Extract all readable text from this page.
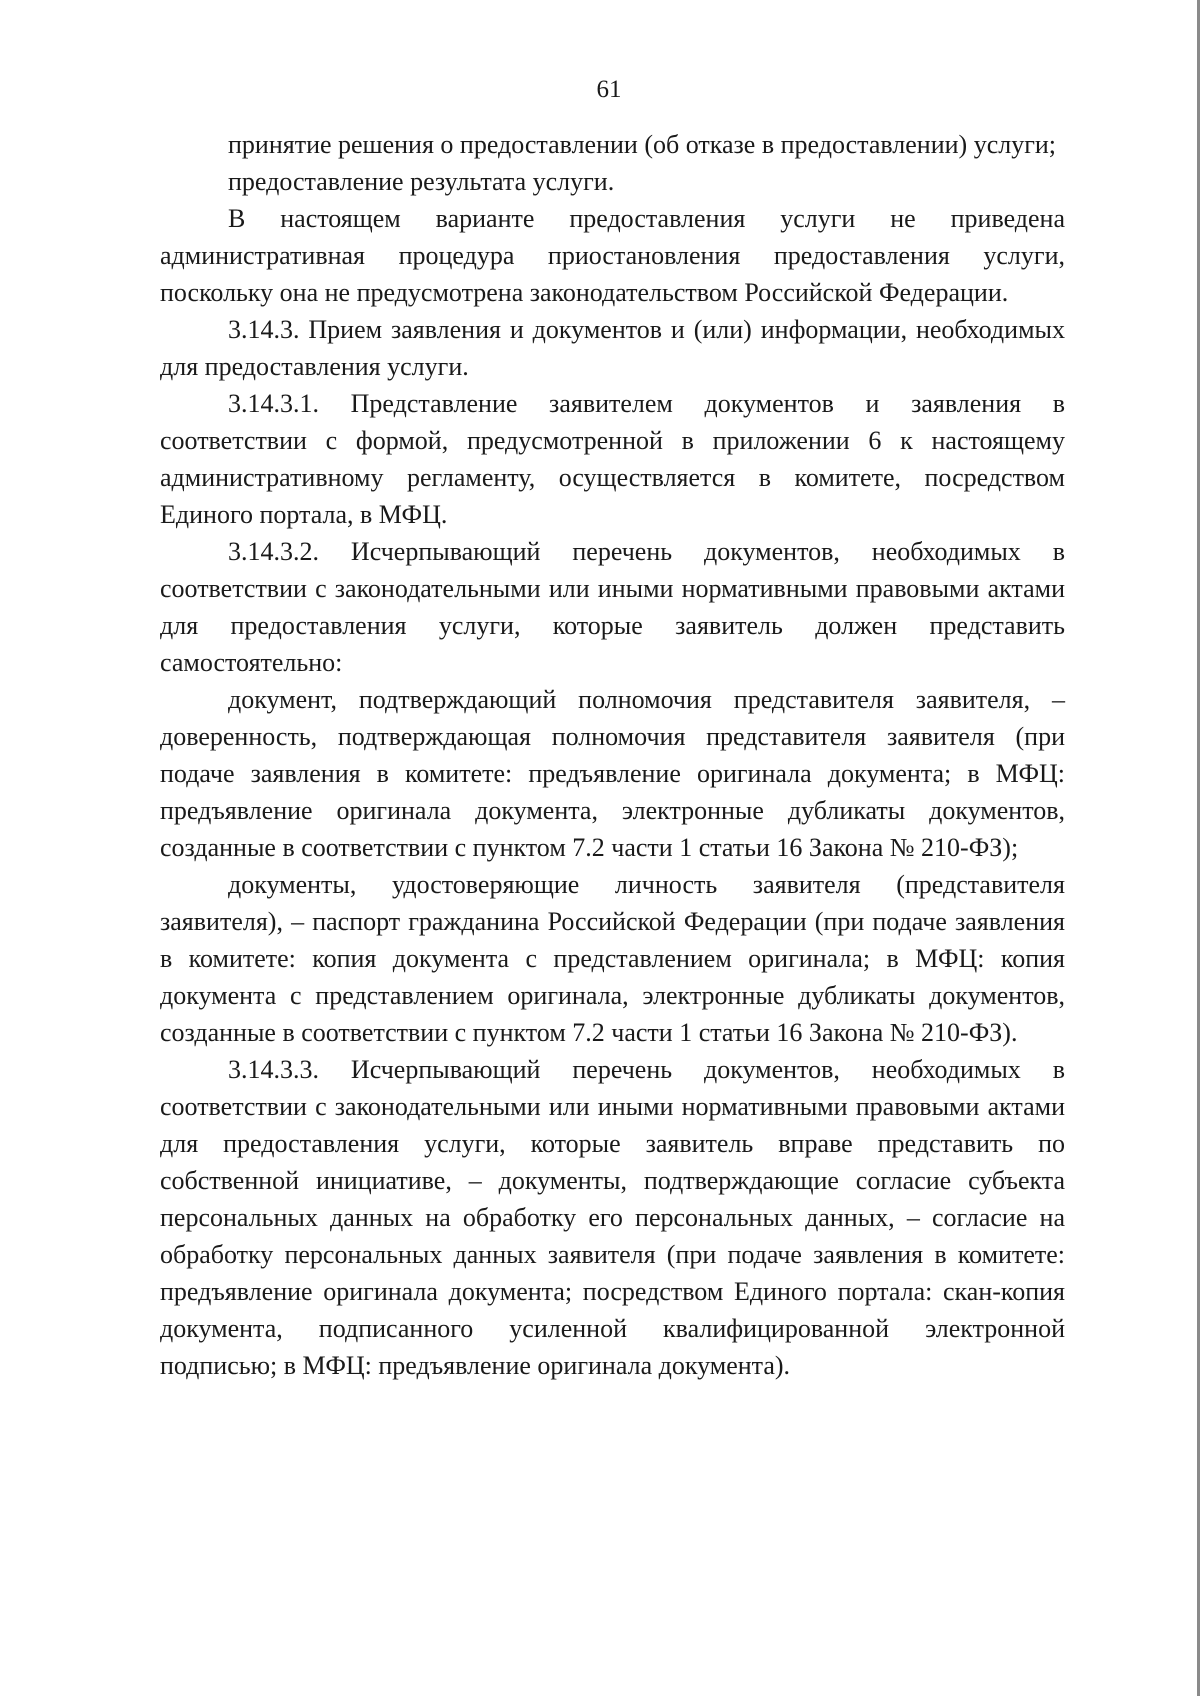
61

принятие решения о предоставлении (об отказе в предоставлении) услуги;

предоставление результата услуги.

В настоящем варианте предоставления услуги не приведена административная процедура приостановления предоставления услуги, поскольку она не предусмотрена законодательством Российской Федерации.

3.14.3. Прием заявления и документов и (или) информации, необходимых для предоставления услуги.

3.14.3.1. Представление заявителем документов и заявления в соответствии с формой, предусмотренной в приложении 6 к настоящему административному регламенту, осуществляется в комитете, посредством Единого портала, в МФЦ.

3.14.3.2. Исчерпывающий перечень документов, необходимых в соответствии с законодательными или иными нормативными правовыми актами для предоставления услуги, которые заявитель должен представить самостоятельно:

документ, подтверждающий полномочия представителя заявителя, – доверенность, подтверждающая полномочия представителя заявителя (при подаче заявления в комитете: предъявление оригинала документа; в МФЦ: предъявление оригинала документа, электронные дубликаты документов, созданные в соответствии с пунктом 7.2 части 1 статьи 16 Закона № 210-ФЗ);

документы, удостоверяющие личность заявителя (представителя заявителя), – паспорт гражданина Российской Федерации (при подаче заявления в комитете: копия документа с представлением оригинала; в МФЦ: копия документа с представлением оригинала, электронные дубликаты документов, созданные в соответствии с пунктом 7.2 части 1 статьи 16 Закона № 210-ФЗ).

3.14.3.3. Исчерпывающий перечень документов, необходимых в соответствии с законодательными или иными нормативными правовыми актами для предоставления услуги, которые заявитель вправе представить по собственной инициативе, – документы, подтверждающие согласие субъекта персональных данных на обработку его персональных данных, – согласие на обработку персональных данных заявителя (при подаче заявления в комитете: предъявление оригинала документа; посредством Единого портала: скан-копия документа, подписанного усиленной квалифицированной электронной подписью; в МФЦ: предъявление оригинала документа).
